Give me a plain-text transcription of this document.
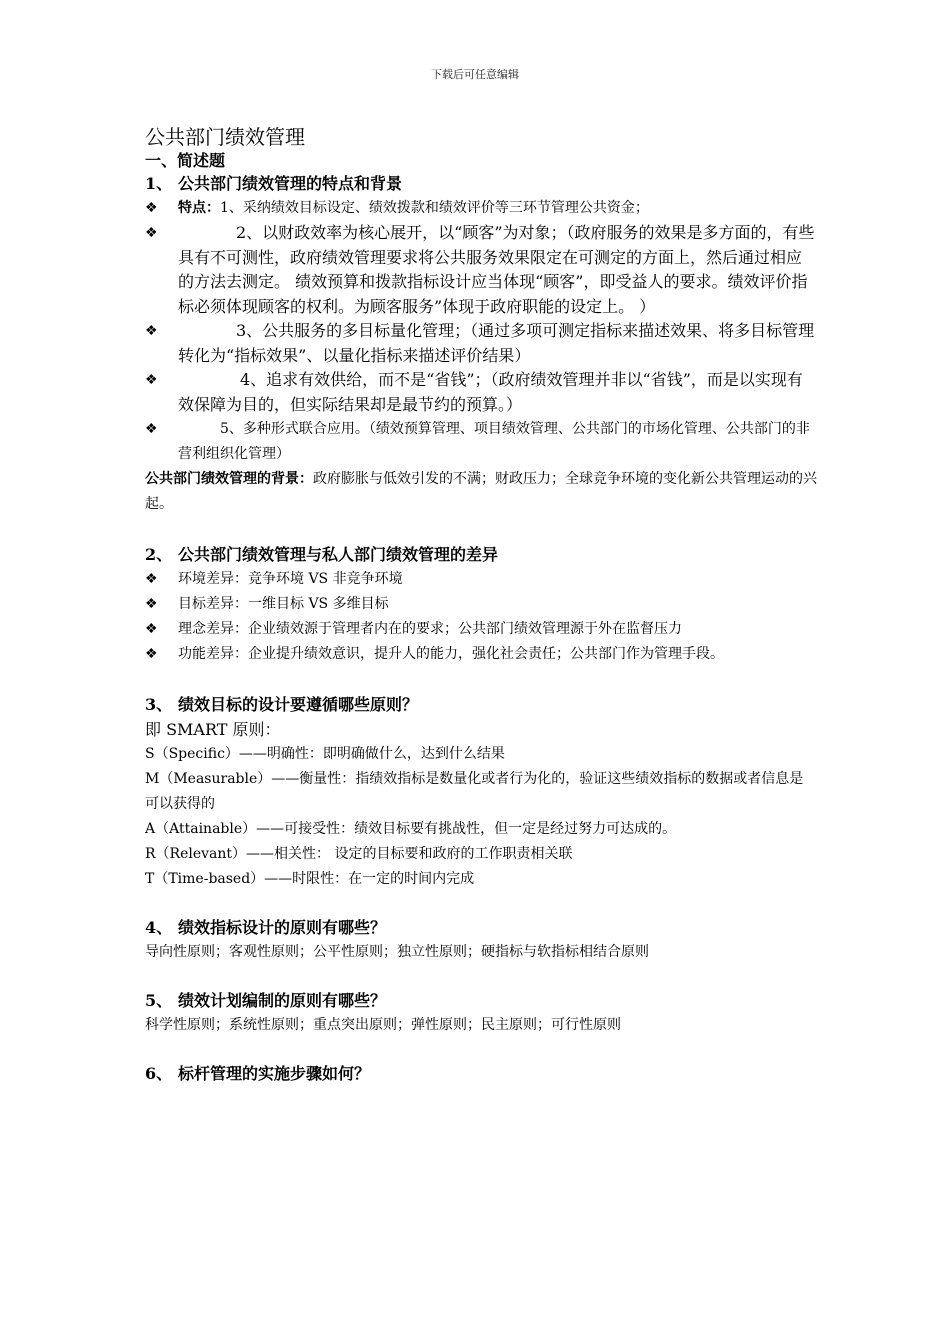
下载后可任意编辑
公共部门绩效管理

一、简述题

1、 公共部门绩效管理的特点和背景

❖ 特点：1、采纳绩效目标设定、绩效拨款和绩效评价等三环节管理公共资金；
❖	2、以财政效率为核心展开，以“顾客”为对象；（政府服务的效果是多方面的，有些具有不可测性，政府绩效管理要求将公共服务效果限定在可测定的方面上，然后通过相应的方法去测定。 绩效预算和拨款指标设计应当体现“顾客”，即受益人的要求。绩效评价指标必须体现顾客的权利。为顾客服务”体现于政府职能的设定上。 ）
❖	3、公共服务的多目标量化管理；（通过多项可测定指标来描述效果、将多目标管理转化为“指标效果”、以量化指标来描述评价结果）
❖	4、追求有效供给，而不是“省钱”；（政府绩效管理并非以“省钱”，而是以实现有效保障为目的，但实际结果却是最节约的预算。）
❖	5、多种形式联合应用。（绩效预算管理、项目绩效管理、公共部门的市场化管理、公共部门的非营利组织化管理）

公共部门绩效管理的背景：政府膨胀与低效引发的不满；财政压力；全球竞争环境的变化新公共管理运动的兴起。

2、 公共部门绩效管理与私人部门绩效管理的差异

❖ 环境差异：竞争环境 VS 非竞争环境
❖ 目标差异：一维目标 VS 多维目标
❖ 理念差异：企业绩效源于管理者内在的要求；公共部门绩效管理源于外在监督压力
❖ 功能差异：企业提升绩效意识，提升人的能力，强化社会责任；公共部门作为管理手段。

3、 绩效目标的设计要遵循哪些原则？

即 SMART 原则：

S（Specific）——明确性：即明确做什么，达到什么结果

M（Measurable）——衡量性：指绩效指标是数量化或者行为化的，验证这些绩效指标的数据或者信息是可以获得的

A（Attainable）——可接受性：绩效目标要有挑战性，但一定是经过努力可达成的。

R（Relevant）——相关性： 设定的目标要和政府的工作职责相关联

T（Time-based）——时限性：在一定的时间内完成

4、 绩效指标设计的原则有哪些？

导向性原则；客观性原则；公平性原则；独立性原则；硬指标与软指标相结合原则

5、 绩效计划编制的原则有哪些？

科学性原则；系统性原则；重点突出原则；弹性原则；民主原则；可行性原则

6、 标杆管理的实施步骤如何？
